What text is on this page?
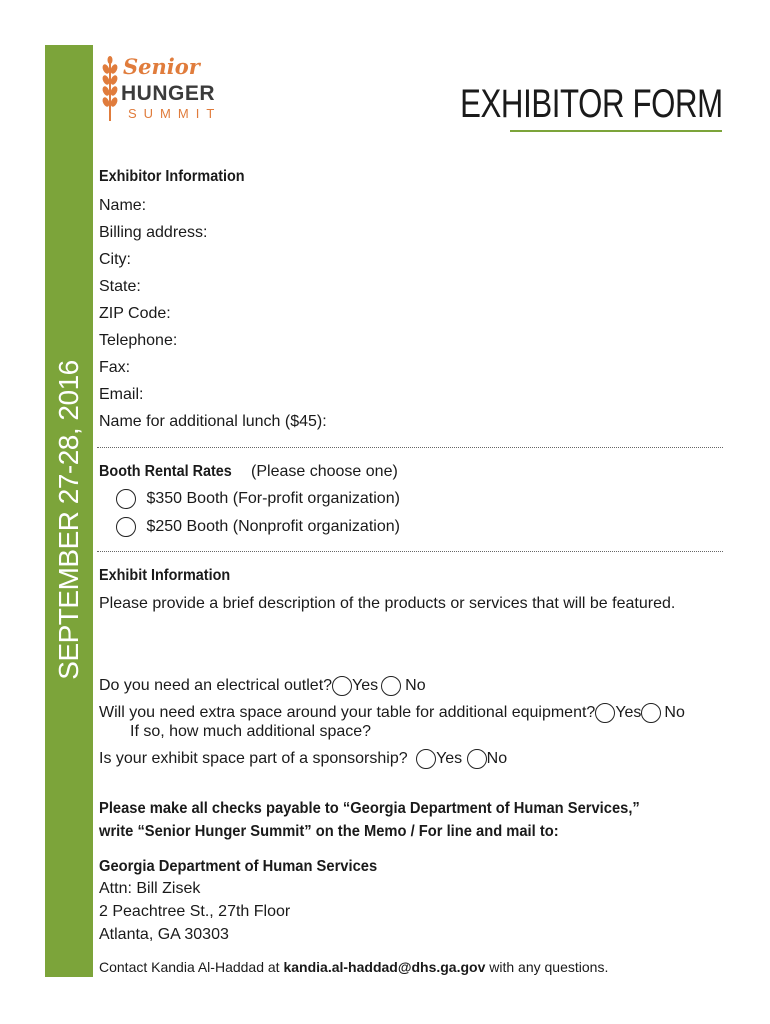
SEPTEMBER 27-28, 2016
Senior
HUNGER
SUMMIT	EXHIBITOR FORM
Exhibitor Information
Name:
Billing address:
City:
State:
ZIP Code:
Telephone:
Fax:
Email:
Name for additional lunch ($45):
Booth Rental Rates (Please choose one)
$350 Booth (For-profit organization)
$250 Booth (Nonprofit organization)
Exhibit Information
Please provide a brief description of the products or services that will be featured.
Do you need an electrical outlet? Yes No
Will you need extra space around your table for additional equipment? Yes No
If so, how much additional space?
Is your exhibit space part of a sponsorship? Yes No
Please make all checks payable to “Georgia Department of Human Services,” write “Senior Hunger Summit” on the Memo / For line and mail to:
Georgia Department of Human Services
Attn: Bill Zisek
2 Peachtree St., 27th Floor
Atlanta, GA 30303
Contact Kandia Al-Haddad at kandia.al-haddad@dhs.ga.gov with any questions.
